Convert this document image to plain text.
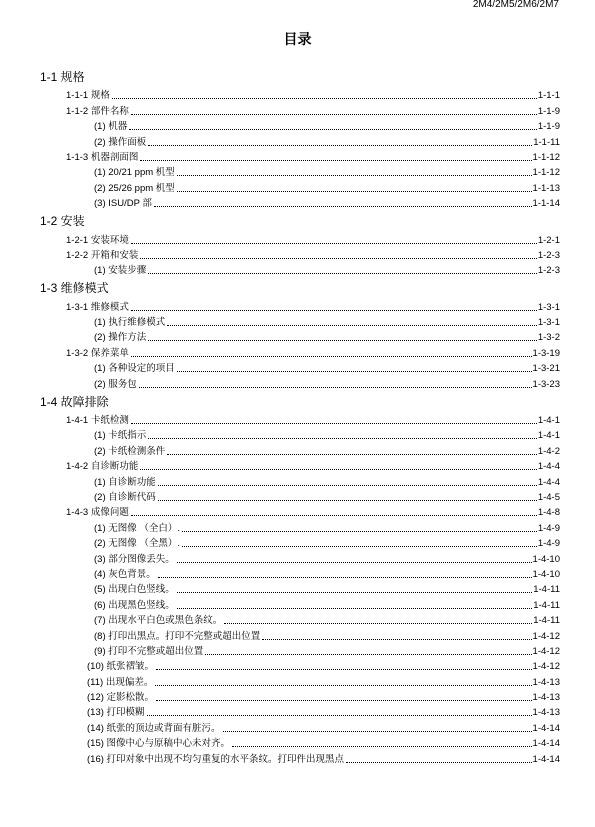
2M4/2M5/2M6/2M7
目录
1-1 规格
1-1-1 规格	1-1-1
1-1-2 部件名称	1-1-9
(1) 机器	1-1-9
(2) 操作面板	1-1-11
1-1-3 机器剖面图	1-1-12
(1) 20/21 ppm 机型	1-1-12
(2) 25/26 ppm 机型	1-1-13
(3) ISU/DP 部	1-1-14
1-2 安装
1-2-1 安装环境	1-2-1
1-2-2 开箱和安装	1-2-3
(1) 安装步骤	1-2-3
1-3 维修模式
1-3-1 维修模式	1-3-1
(1) 执行维修模式	1-3-1
(2) 操作方法	1-3-2
1-3-2 保养菜单	1-3-19
(1) 各种设定的项目	1-3-21
(2) 服务包	1-3-23
1-4 故障排除
1-4-1 卡纸检测	1-4-1
(1) 卡纸指示	1-4-1
(2) 卡纸检测条件	1-4-2
1-4-2 自诊断功能	1-4-4
(1) 自诊断功能	1-4-4
(2) 自诊断代码	1-4-5
1-4-3 成像问题	1-4-8
(1) 无图像 （全白）.	1-4-9
(2) 无图像 （全黑）.	1-4-9
(3) 部分图像丢失。	1-4-10
(4) 灰色背景。	1-4-10
(5) 出现白色竖线。	1-4-11
(6) 出现黑色竖线。	1-4-11
(7) 出现水平白色或黑色条纹。	1-4-11
(8) 打印出黑点。打印不完整或超出位置	1-4-12
(9) 打印不完整或超出位置	1-4-12
(10) 纸张褶皱。	1-4-12
(11) 出现偏差。	1-4-13
(12) 定影松散。	1-4-13
(13) 打印模糊	1-4-13
(14) 纸张的顶边或背面有脏污。	1-4-14
(15) 图像中心与原稿中心未对齐。	1-4-14
(16) 打印对象中出现不均匀重复的水平条纹。打印件出现黑点	1-4-14
